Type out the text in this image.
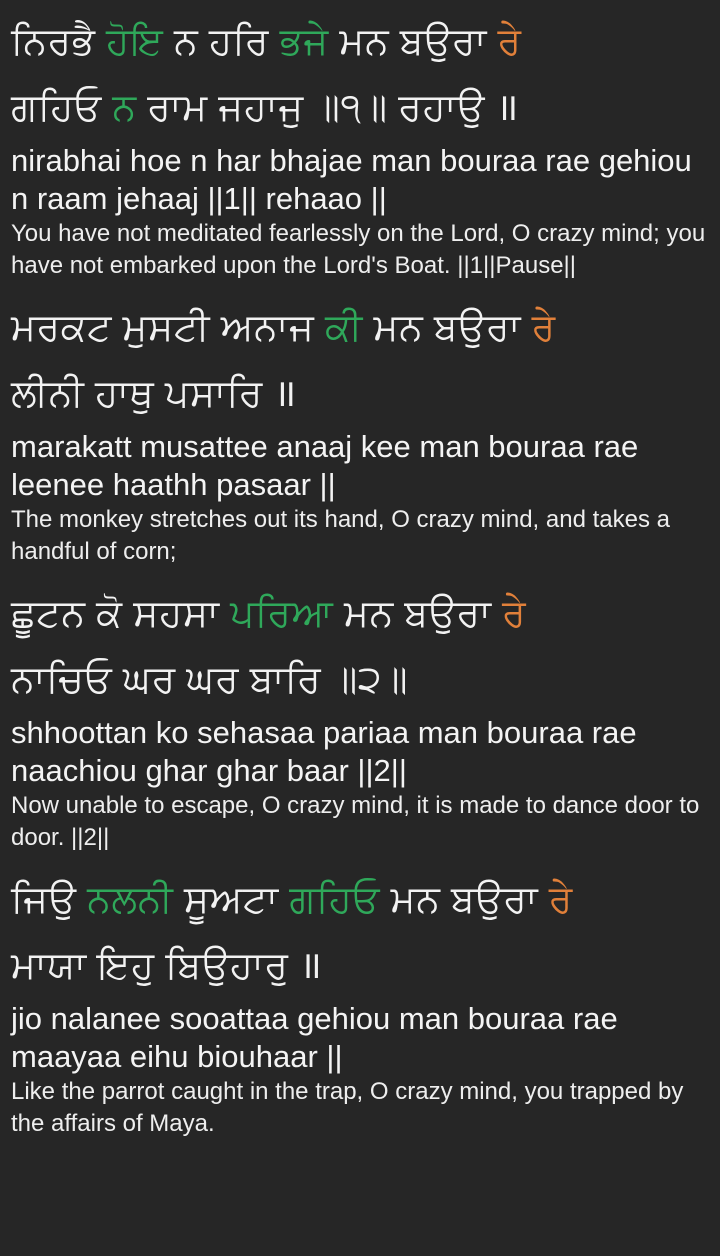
ਨਿਰਭੈ ਹੋਇ ਨ ਹਰਿ ਭਜੇ ਮਨ ਬਉਰਾ ਰੇ
ਗਹਿਓ ਨ ਰਾਮ ਜਹਾਜੁ ॥੧॥ ਰਹਾਉ ॥
nirabhai hoe n har bhajae man bouraa rae gehiou n raam jehaaj ||1|| rehaao ||
You have not meditated fearlessly on the Lord, O crazy mind; you have not embarked upon the Lord's Boat. ||1||Pause||
ਮਰਕਟ ਮੁਸਟੀ ਅਨਾਜ ਕੀ ਮਨ ਬਉਰਾ ਰੇ
ਲੀਨੀ ਹਾਥੁ ਪਸਾਰਿ ॥
marakatt musattee anaaj kee man bouraa rae leenee haathh pasaar ||
The monkey stretches out its hand, O crazy mind, and takes a handful of corn;
ਛੂਟਨ ਕੋ ਸਹਸਾ ਪਰਿਆ ਮਨ ਬਉਰਾ ਰੇ
ਨਾਚਿਓ ਘਰ ਘਰ ਬਾਰਿ ॥੨॥
shhoottan ko sehasaa pariaa man bouraa rae naachiou ghar ghar baar ||2||
Now unable to escape, O crazy mind, it is made to dance door to door. ||2||
ਜਿਉ ਨਲਨੀ ਸੂਅਟਾ ਗਹਿਓ ਮਨ ਬਉਰਾ ਰੇ
ਮਾਯਾ ਇਹੁ ਬਿਉਹਾਰੁ ॥
jio nalanee sooattaa gehiou man bouraa rae maayaa eihu biouhaar ||
Like the parrot caught in the trap, O crazy mind, you trapped by the affairs of Maya.
